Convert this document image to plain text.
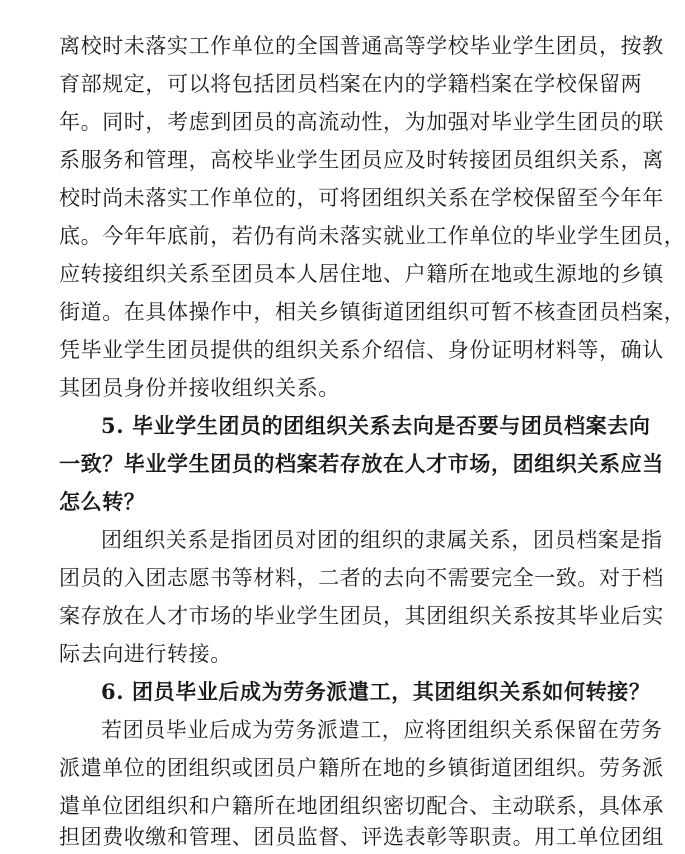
离校时未落实工作单位的全国普通高等学校毕业学生团员，按教
育部规定，可以将包括团员档案在内的学籍档案在学校保留两
年。同时，考虑到团员的高流动性，为加强对毕业学生团员的联
系服务和管理，高校毕业学生团员应及时转接团员组织关系，离
校时尚未落实工作单位的，可将团组织关系在学校保留至今年年
底。今年年底前，若仍有尚未落实就业工作单位的毕业学生团员，
应转接组织关系至团员本人居住地、户籍所在地或生源地的乡镇
街道。在具体操作中，相关乡镇街道团组织可暂不核查团员档案，
凭毕业学生团员提供的组织关系介绍信、身份证明材料等，确认
其团员身份并接收组织关系。
5. 毕业学生团员的团组织关系去向是否要与团员档案去向
一致？毕业学生团员的档案若存放在人才市场，团组织关系应当
怎么转？
团组织关系是指团员对团的组织的隶属关系，团员档案是指
团员的入团志愿书等材料，二者的去向不需要完全一致。对于档
案存放在人才市场的毕业学生团员，其团组织关系按其毕业后实
际去向进行转接。
6. 团员毕业后成为劳务派遣工，其团组织关系如何转接？
若团员毕业后成为劳务派遣工，应将团组织关系保留在劳务
派遣单位的团组织或团员户籍所在地的乡镇街道团组织。劳务派
遣单位团组织和户籍所在地团组织密切配合、主动联系，具体承
担团费收缴和管理、团员监督、评选表彰等职责。用工单位团组
